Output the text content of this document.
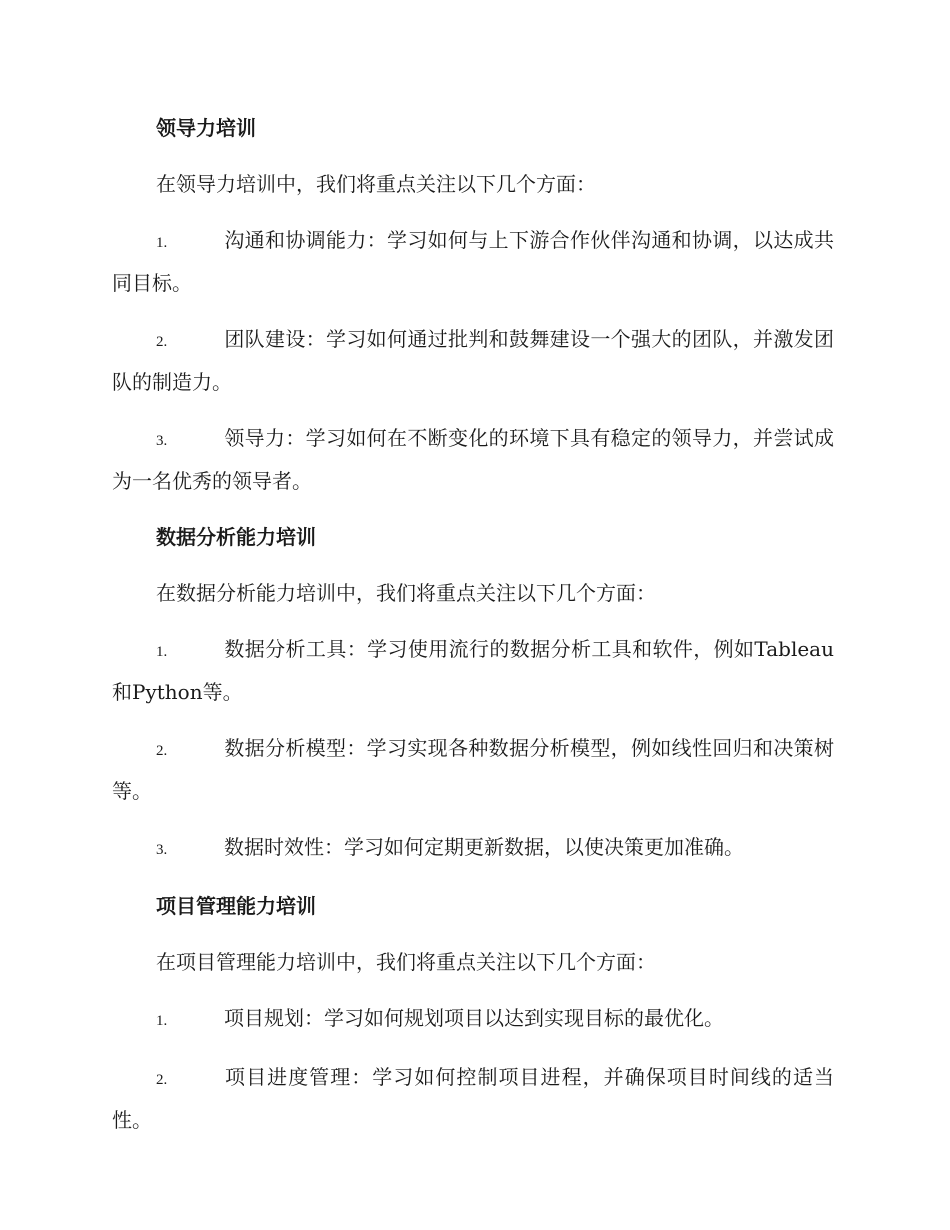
领导力培训

在领导力培训中，我们将重点关注以下几个方面：

1.	沟通和协调能力：学习如何与上下游合作伙伴沟通和协调，以达成共同目标。

2.	团队建设：学习如何通过批判和鼓舞建设一个强大的团队，并激发团队的制造力。

3.	领导力：学习如何在不断变化的环境下具有稳定的领导力，并尝试成为一名优秀的领导者。

数据分析能力培训

在数据分析能力培训中，我们将重点关注以下几个方面：

1.	数据分析工具：学习使用流行的数据分析工具和软件，例如Tableau和Python等。

2.	数据分析模型：学习实现各种数据分析模型，例如线性回归和决策树等。

3.	数据时效性：学习如何定期更新数据，以使决策更加准确。

项目管理能力培训

在项目管理能力培训中，我们将重点关注以下几个方面：

1.	项目规划：学习如何规划项目以达到实现目标的最优化。

2.	项目进度管理：学习如何控制项目进程，并确保项目时间线的适当性。
